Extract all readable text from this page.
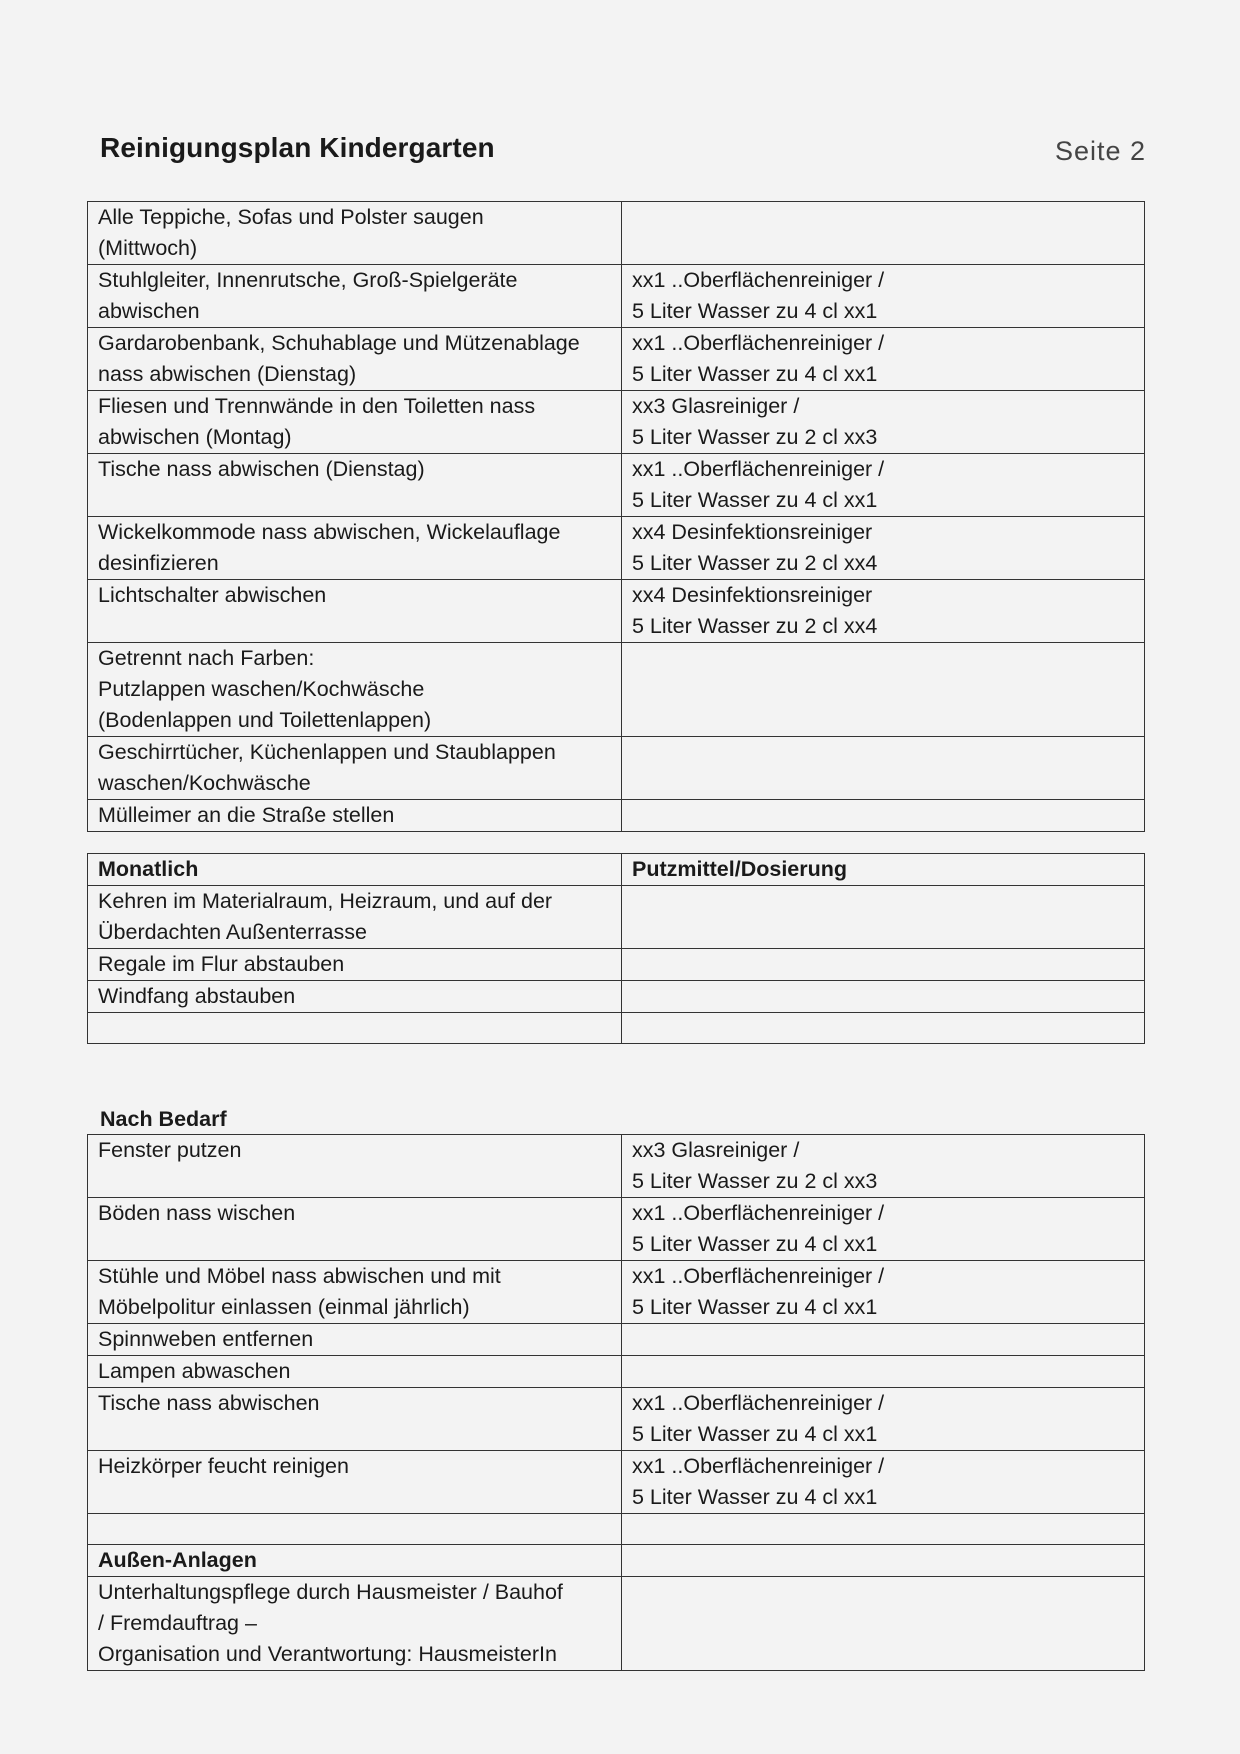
Reinigungsplan Kindergarten	Seite 2
Alle Teppiche, Sofas und Polster saugen
(Mittwoch)	

Stuhlgleiter, Innenrutsche, Groß-Spielgeräte
abwischen	xx1 ..Oberflächenreiniger /
5 Liter Wasser zu 4 cl xx1

Gardarobenbank, Schuhablage und Mützenablage
nass abwischen (Dienstag)	xx1 ..Oberflächenreiniger /
5 Liter Wasser zu 4 cl xx1

Fliesen und Trennwände in den Toiletten nass
abwischen (Montag)	xx3 Glasreiniger /
5 Liter Wasser zu 2 cl xx3

Tische nass abwischen (Dienstag)	xx1 ..Oberflächenreiniger /
5 Liter Wasser zu 4 cl xx1

Wickelkommode nass abwischen, Wickelauflage
desinfizieren	xx4 Desinfektionsreiniger
5 Liter Wasser zu 2 cl xx4

Lichtschalter abwischen	xx4 Desinfektionsreiniger
5 Liter Wasser zu 2 cl xx4

Getrennt nach Farben:
Putzlappen waschen/Kochwäsche
(Bodenlappen und Toilettenlappen)	

Geschirrtücher, Küchenlappen und Staublappen
waschen/Kochwäsche	

Mülleimer an die Straße stellen	

Monatlich	Putzmittel/Dosierung

Kehren im Materialraum, Heizraum, und auf der
Überdachten Außenterrasse	

Regale im Flur abstauben	

Windfang abstauben	

Nach Bedarf
Fenster putzen	xx3 Glasreiniger /
5 Liter Wasser zu 2 cl xx3

Böden nass wischen	xx1 ..Oberflächenreiniger /
5 Liter Wasser zu 4 cl xx1

Stühle und Möbel nass abwischen und mit
Möbelpolitur einlassen (einmal jährlich)	xx1 ..Oberflächenreiniger /
5 Liter Wasser zu 4 cl xx1

Spinnweben entfernen	

Lampen abwaschen	

Tische nass abwischen	xx1 ..Oberflächenreiniger /
5 Liter Wasser zu 4 cl xx1

Heizkörper feucht reinigen	xx1 ..Oberflächenreiniger /
5 Liter Wasser zu 4 cl xx1

Außen-Anlagen	

Unterhaltungspflege durch Hausmeister / Bauhof
/ Fremdauftrag –
Organisation und Verantwortung: HausmeisterIn	
